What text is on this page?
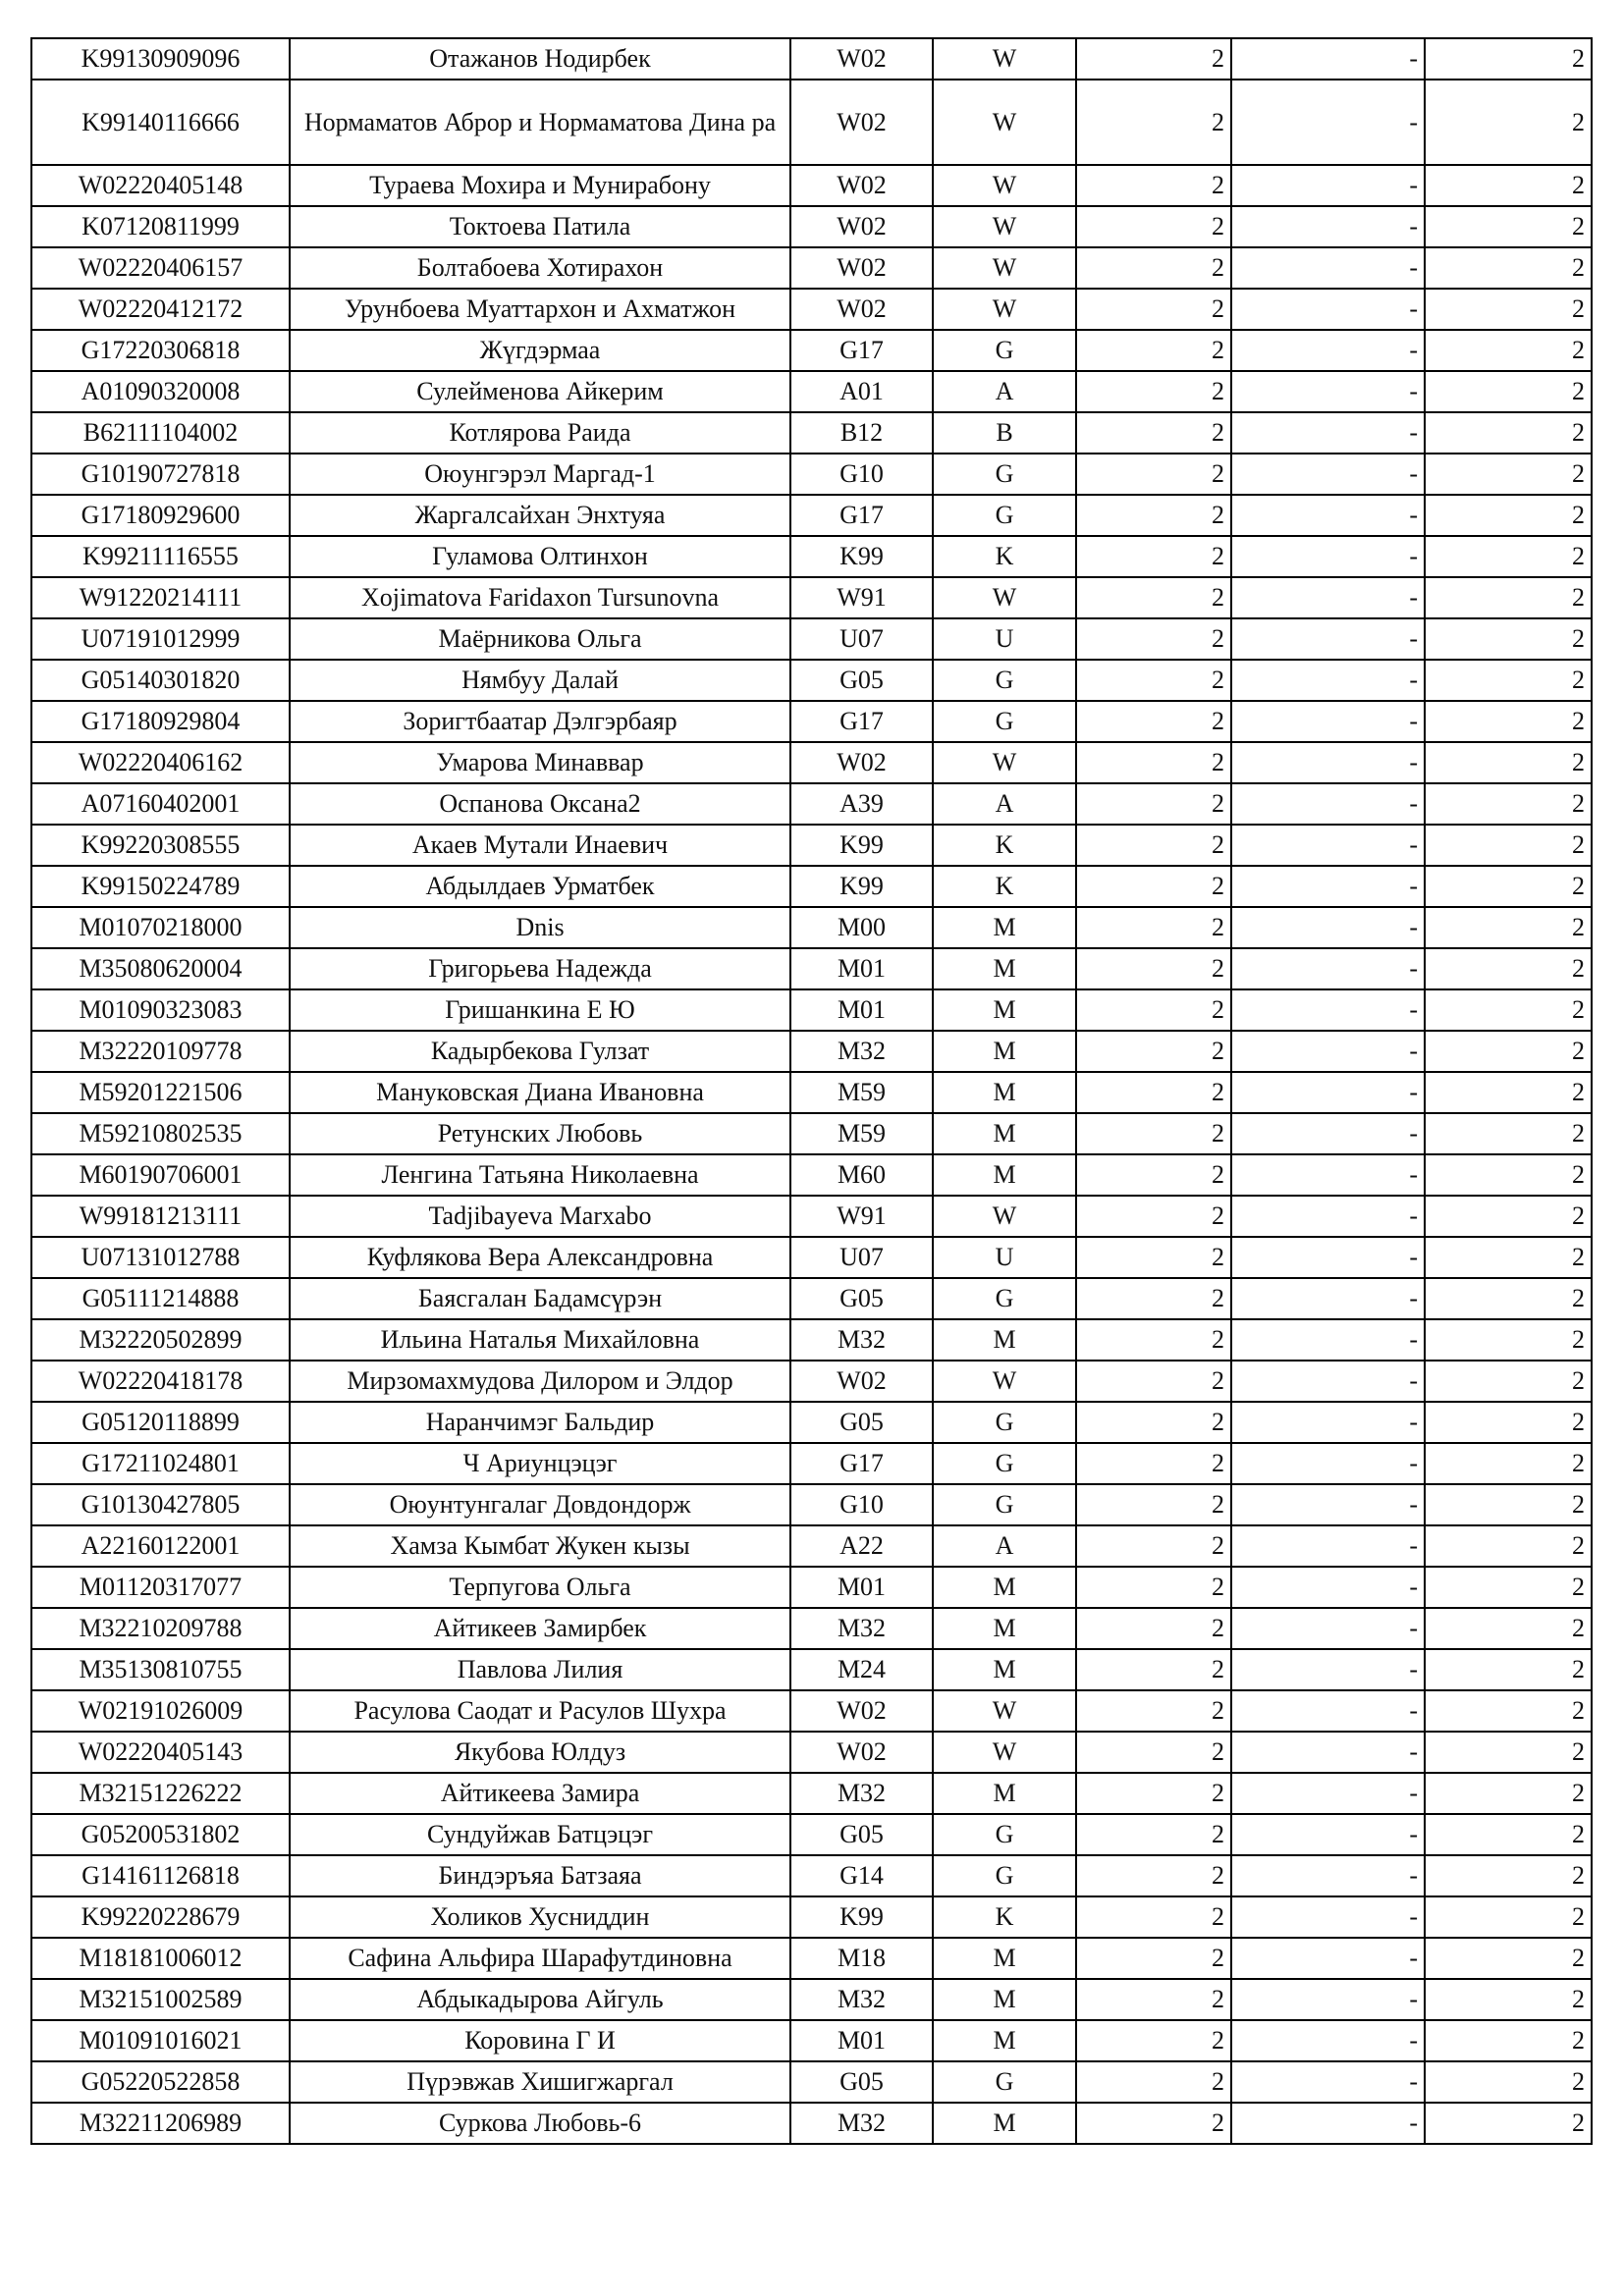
K99130909096	Отажанов Нодирбек	W02	W	2	-	2
K99140116666	Нормаматов Аброр и Нормаматова Дина ра	W02	W	2	-	2
W02220405148	Тураева Мохира и Мунирабону	W02	W	2	-	2
K07120811999	Токтоева Патила	W02	W	2	-	2
W02220406157	Болтабоева Хотирахон	W02	W	2	-	2
W02220412172	Урунбоева Муаттархон и Ахматжон	W02	W	2	-	2
G17220306818	Жүгдэрмаа	G17	G	2	-	2
A01090320008	Сулейменова Айкерим	A01	A	2	-	2
B62111104002	Котлярова Раида	B12	B	2	-	2
G10190727818	Оюунгэрэл Маргад-1	G10	G	2	-	2
G17180929600	Жаргалсайхан Энхтуяа	G17	G	2	-	2
K99211116555	Гуламова Олтинхон	K99	K	2	-	2
W91220214111	Xojimatova Faridaxon Tursunovna	W91	W	2	-	2
U07191012999	Маёрникова Ольга	U07	U	2	-	2
G05140301820	Нямбуу Далай	G05	G	2	-	2
G17180929804	Зоригтбаатар Дэлгэрбаяр	G17	G	2	-	2
W02220406162	Умарова Минаввар	W02	W	2	-	2
A07160402001	Оспанова Оксана2	A39	A	2	-	2
K99220308555	Акаев Мутали Инаевич	K99	K	2	-	2
K99150224789	Абдылдаев Урматбек	K99	K	2	-	2
M01070218000	Dnis	M00	M	2	-	2
M35080620004	Григорьева Надежда	M01	M	2	-	2
M01090323083	Гришанкина Е Ю	M01	M	2	-	2
M32220109778	Кадырбекова Гулзат	M32	M	2	-	2
M59201221506	Мануковская Диана Ивановна	M59	M	2	-	2
M59210802535	Ретунских Любовь	M59	M	2	-	2
M60190706001	Ленгина Татьяна Николаевна	M60	M	2	-	2
W99181213111	Tadjibayeva Marxabo	W91	W	2	-	2
U07131012788	Куфлякова Вера Александровна	U07	U	2	-	2
G05111214888	Баясгалан Бадамсүрэн	G05	G	2	-	2
M32220502899	Ильина Наталья Михайловна	M32	M	2	-	2
W02220418178	Мирзомахмудова Дилором и Элдор	W02	W	2	-	2
G05120118899	Наранчимэг Бальдир	G05	G	2	-	2
G17211024801	Ч Ариунцэцэг	G17	G	2	-	2
G10130427805	Оюунтунгалаг Довдондорж	G10	G	2	-	2
A22160122001	Хамза Кымбат Жукен кызы	A22	A	2	-	2
M01120317077	Терпугова Ольга	M01	M	2	-	2
M32210209788	Айтикеев Замирбек	M32	M	2	-	2
M35130810755	Павлова Лилия	M24	M	2	-	2
W02191026009	Расулова Саодат и Расулов Шухра	W02	W	2	-	2
W02220405143	Якубова Юлдуз	W02	W	2	-	2
M32151226222	Айтикеева Замира	M32	M	2	-	2
G05200531802	Сундуйжав Батцэцэг	G05	G	2	-	2
G14161126818	Биндэръяа Батзаяа	G14	G	2	-	2
K99220228679	Холиков Хусниддин	K99	K	2	-	2
M18181006012	Сафина Альфира Шарафутдиновна	M18	M	2	-	2
M32151002589	Абдыкадырова Айгуль	M32	M	2	-	2
M01091016021	Коровина Г И	M01	M	2	-	2
G05220522858	Пүрэвжав Хишигжаргал	G05	G	2	-	2
M32211206989	Суркова Любовь-6	M32	M	2	-	2
